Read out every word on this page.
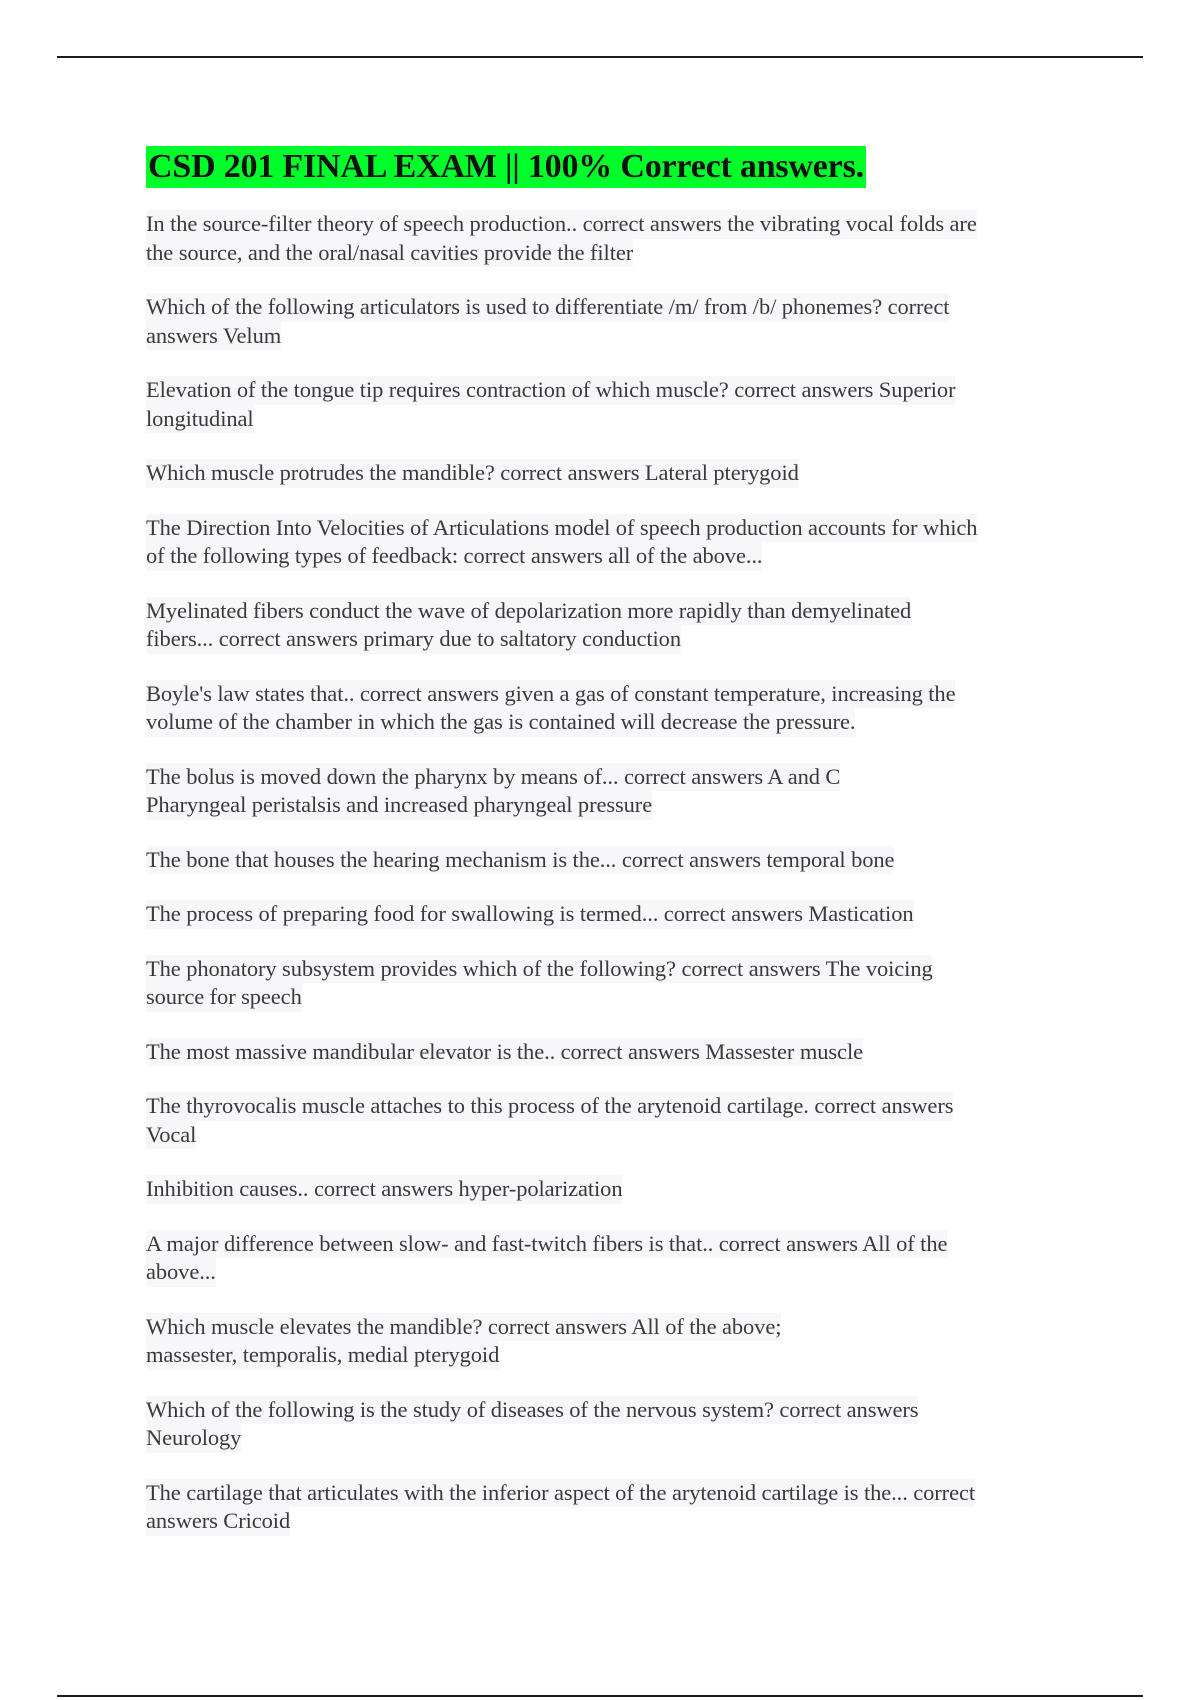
CSD 201 FINAL EXAM || 100% Correct answers.
In the source-filter theory of speech production.. correct answers the vibrating vocal folds are
the source, and the oral/nasal cavities provide the filter
Which of the following articulators is used to differentiate /m/ from /b/ phonemes? correct
answers Velum
Elevation of the tongue tip requires contraction of which muscle? correct answers Superior
longitudinal
Which muscle protrudes the mandible? correct answers Lateral pterygoid
The Direction Into Velocities of Articulations model of speech production accounts for which
of the following types of feedback: correct answers all of the above...
Myelinated fibers conduct the wave of depolarization more rapidly than demyelinated
fibers... correct answers primary due to saltatory conduction
Boyle's law states that.. correct answers given a gas of constant temperature, increasing the
volume of the chamber in which the gas is contained will decrease the pressure.
The bolus is moved down the pharynx by means of... correct answers A and C
Pharyngeal peristalsis and increased pharyngeal pressure
The bone that houses the hearing mechanism is the... correct answers temporal bone
The process of preparing food for swallowing is termed... correct answers Mastication
The phonatory subsystem provides which of the following? correct answers The voicing
source for speech
The most massive mandibular elevator is the.. correct answers Massester muscle
The thyrovocalis muscle attaches to this process of the arytenoid cartilage. correct answers
Vocal
Inhibition causes.. correct answers hyper-polarization
A major difference between slow- and fast-twitch fibers is that.. correct answers All of the
above...
Which muscle elevates the mandible? correct answers All of the above;
massester, temporalis, medial pterygoid
Which of the following is the study of diseases of the nervous system? correct answers
Neurology
The cartilage that articulates with the inferior aspect of the arytenoid cartilage is the... correct
answers Cricoid
